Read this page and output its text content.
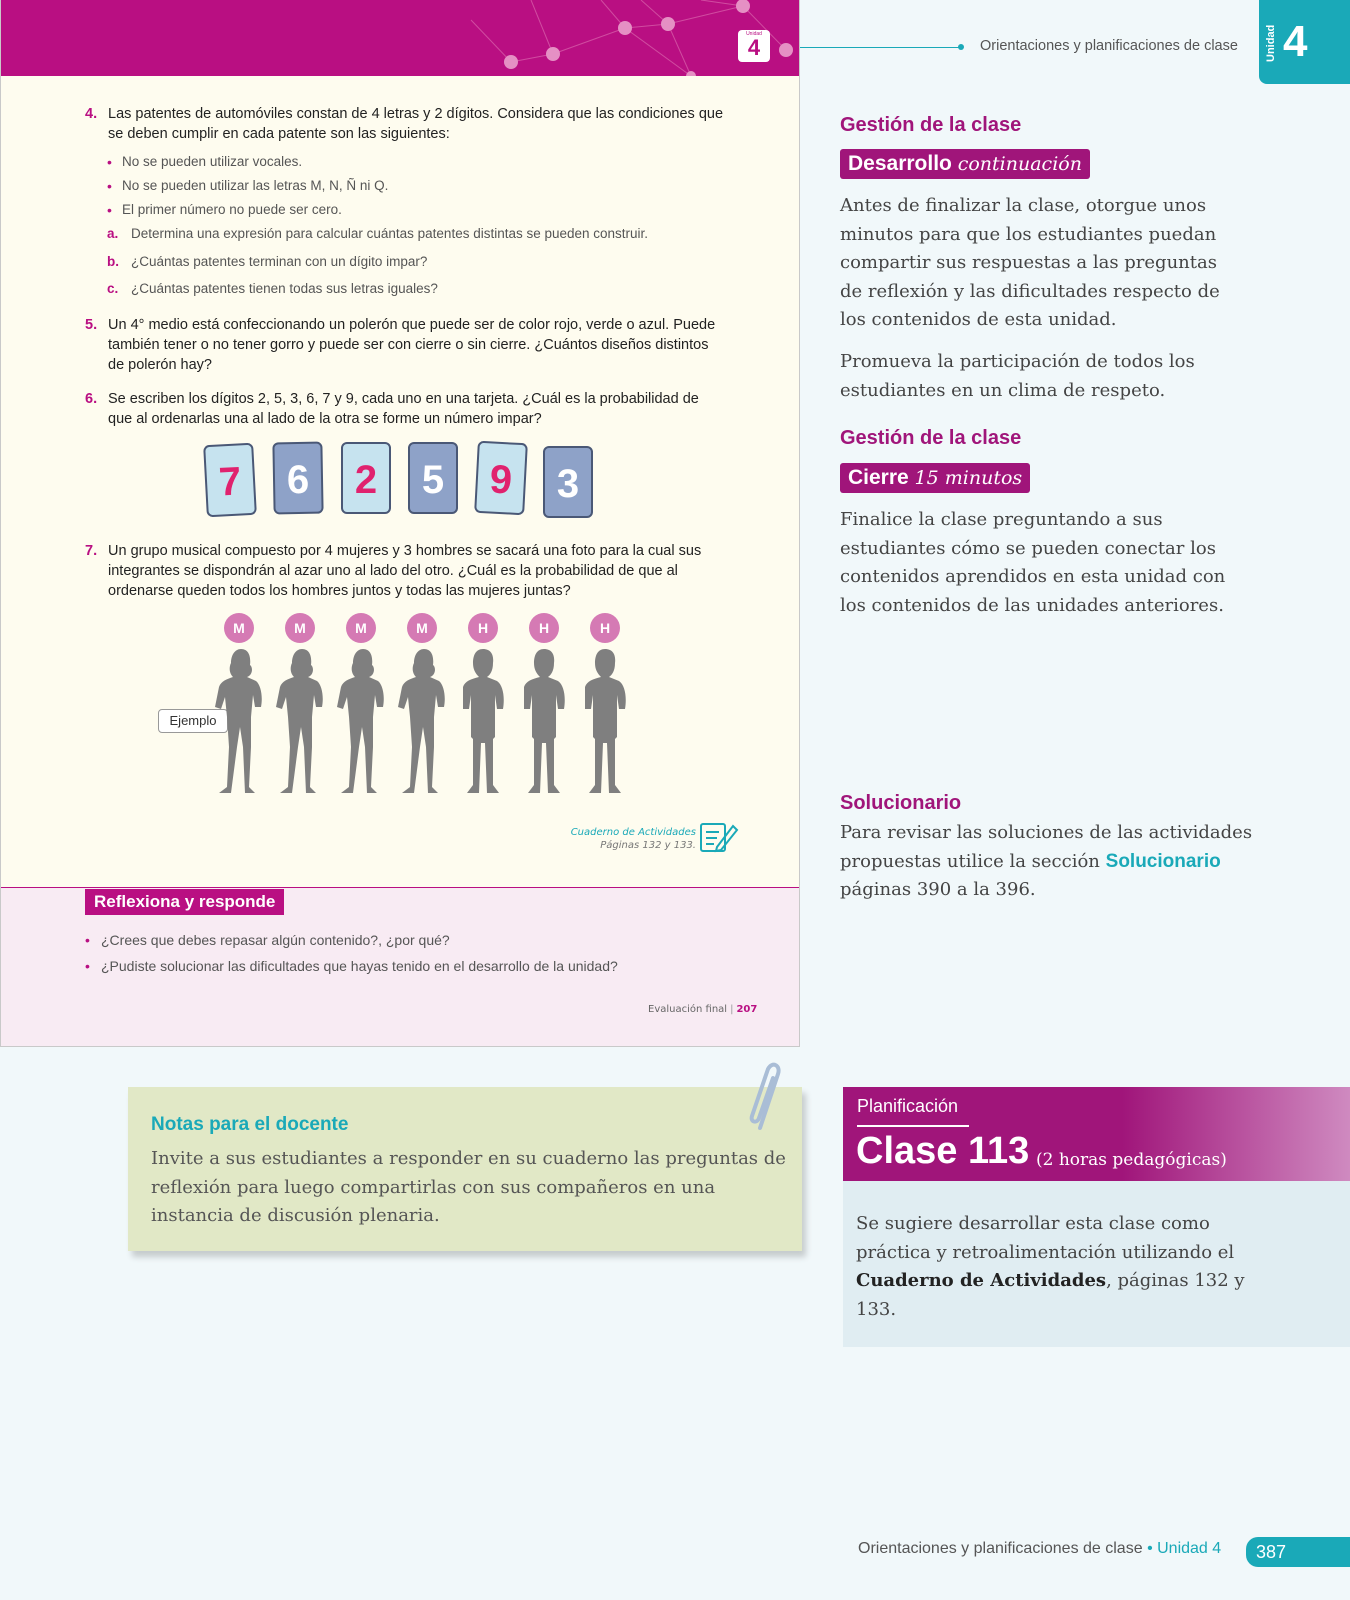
Unidad
4
4. Las patentes de automóviles constan de 4 letras y 2 dígitos. Considera que las condiciones que se deben cumplir en cada patente son las siguientes:
• No se pueden utilizar vocales.
• No se pueden utilizar las letras M, N, Ñ ni Q.
• El primer número no puede ser cero.
a. Determina una expresión para calcular cuántas patentes distintas se pueden construir.
b. ¿Cuántas patentes terminan con un dígito impar?
c. ¿Cuántas patentes tienen todas sus letras iguales?
5. Un 4° medio está confeccionando un polerón que puede ser de color rojo, verde o azul. Puede también tener o no tener gorro y puede ser con cierre o sin cierre. ¿Cuántos diseños distintos de polerón hay?
6. Se escriben los dígitos 2, 5, 3, 6, 7 y 9, cada uno en una tarjeta. ¿Cuál es la probabilidad de que al ordenarlas una al lado de la otra se forme un número impar?
7	6	2	5	9	3
7. Un grupo musical compuesto por 4 mujeres y 3 hombres se sacará una foto para la cual sus integrantes se dispondrán al azar uno al lado del otro. ¿Cuál es la probabilidad de que al ordenarse queden todos los hombres juntos y todas las mujeres juntas?
Ejemplo
M	M	M	M	H	H	H
Cuaderno de Actividades
Páginas 132 y 133.
Reflexiona y responde
• ¿Crees que debes repasar algún contenido?, ¿por qué?
• ¿Pudiste solucionar las dificultades que hayas tenido en el desarrollo de la unidad?
Evaluación final | 207
Orientaciones y planificaciones de clase Unidad 4
Gestión de la clase
Desarrollo continuación
Antes de finalizar la clase, otorgue unos minutos para que los estudiantes puedan compartir sus respuestas a las preguntas de reflexión y las dificultades respecto de los contenidos de esta unidad.
Promueva la participación de todos los estudiantes en un clima de respeto.
Gestión de la clase
Cierre 15 minutos
Finalice la clase preguntando a sus estudiantes cómo se pueden conectar los contenidos aprendidos en esta unidad con los contenidos de las unidades anteriores.
Solucionario
Para revisar las soluciones de las actividades propuestas utilice la sección Solucionario
páginas 390 a la 396.
Notas para el docente
Invite a sus estudiantes a responder en su cuaderno las preguntas de reflexión para luego compartirlas con sus compañeros en una instancia de discusión plenaria.
Planificación
Clase 113 (2 horas pedagógicas)
Se sugiere desarrollar esta clase como práctica y retroalimentación utilizando el Cuaderno de Actividades, páginas 132 y 133.
Orientaciones y planificaciones de clase • Unidad 4	387
